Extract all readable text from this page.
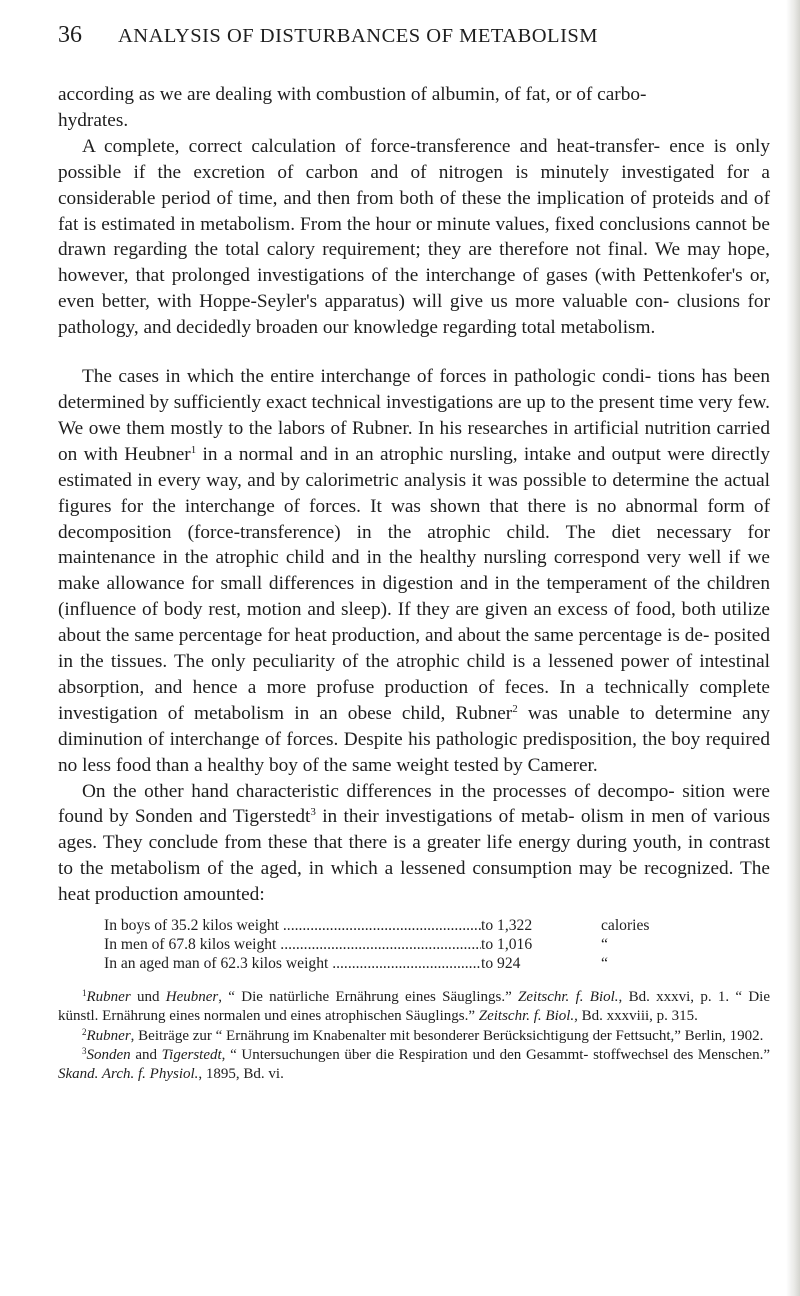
36	ANALYSIS OF DISTURBANCES OF METABOLISM

according as we are dealing with combustion of albumin, of fat, or of carbo-
hydrates.

A complete, correct calculation of force-transference and heat-transfer- ence is only possible if the excretion of carbon and of nitrogen is minutely investigated for a considerable period of time, and then from both of these the implication of proteids and of fat is estimated in metabolism. From the hour or minute values, fixed conclusions cannot be drawn regarding the total calory requirement; they are therefore not final. We may hope, however, that prolonged investigations of the interchange of gases (with Pettenkofer's or, even better, with Hoppe-Seyler's apparatus) will give us more valuable con- clusions for pathology, and decidedly broaden our knowledge regarding total metabolism.

The cases in which the entire interchange of forces in pathologic condi- tions has been determined by sufficiently exact technical investigations are up to the present time very few. We owe them mostly to the labors of Rubner. In his researches in artificial nutrition carried on with Heubner$^1$ in a normal and in an atrophic nursling, intake and output were directly estimated in every way, and by calorimetric analysis it was possible to determine the actual figures for the interchange of forces. It was shown that there is no abnormal form of decomposition (force-transference) in the atrophic child. The diet necessary for maintenance in the atrophic child and in the healthy nursling correspond very well if we make allowance for small differences in digestion and in the temperament of the children (influence of body rest, motion and sleep). If they are given an excess of food, both utilize about the same percentage for heat production, and about the same percentage is de- posited in the tissues. The only peculiarity of the atrophic child is a lessened power of intestinal absorption, and hence a more profuse production of feces. In a technically complete investigation of metabolism in an obese child, Rubner$^2$ was unable to determine any diminution of interchange of forces. Despite his pathologic predisposition, the boy required no less food than a healthy boy of the same weight tested by Camerer.

On the other hand characteristic differences in the processes of decompo- sition were found by Sonden and Tigerstedt$^3$ in their investigations of metab- olism in men of various ages. They conclude from these that there is a greater life energy during youth, in contrast to the metabolism of the aged, in which a lessened consumption may be recognized. The heat production amounted:

In boys of 35.2 kilos weight .....	to 1,322	calories
In men of 67.8 kilos weight .....	to 1,016	“
In an aged man of 62.3 kilos weight .....	to 924	“

$^1$Rubner und Heubner, “ Die natürliche Ernährung eines Säuglings.” Zeitschr. f. Biol., Bd. xxxvi, p. 1. “ Die künstl. Ernährung eines normalen und eines atrophischen Säuglings.” Zeitschr. f. Biol., Bd. xxxviii, p. 315.

$^2$Rubner, Beiträge zur “ Ernährung im Knabenalter mit besonderer Berücksichtigung der Fettsucht,” Berlin, 1902.

$^3$Sonden and Tigerstedt, “ Untersuchungen über die Respiration und den Gesammt- stoffwechsel des Menschen.” Skand. Arch. f. Physiol., 1895, Bd. vi.
